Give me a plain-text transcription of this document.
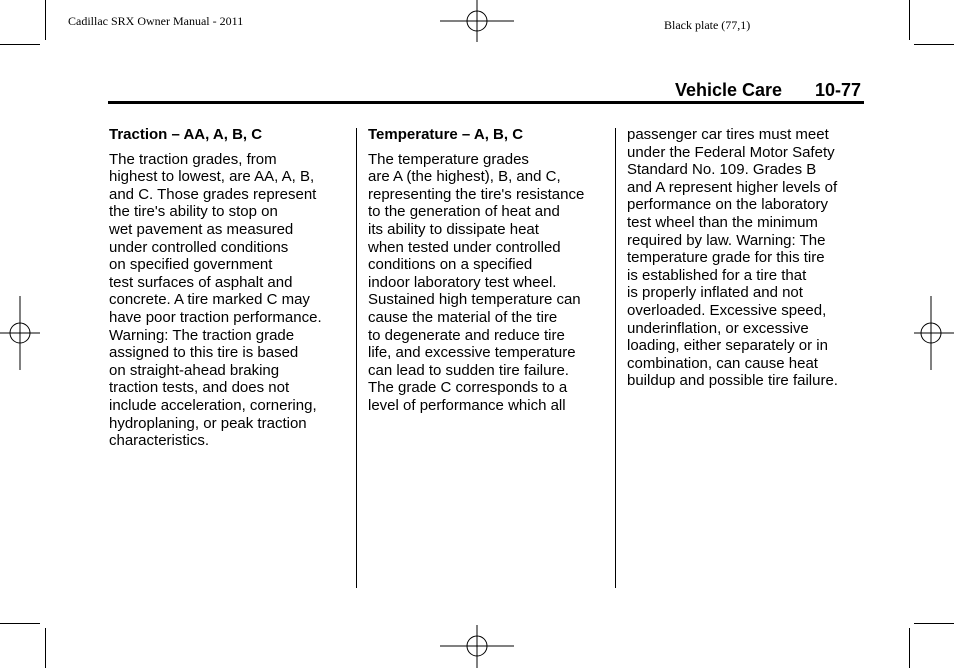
Cadillac SRX Owner Manual - 2011	Black plate (77,1)
Vehicle Care 10-77
Traction – AA, A, B, C
The traction grades, from
highest to lowest, are AA, A, B,
and C. Those grades represent
the tire's ability to stop on
wet pavement as measured
under controlled conditions
on specified government
test surfaces of asphalt and
concrete. A tire marked C may
have poor traction performance.
Warning: The traction grade
assigned to this tire is based
on straight-ahead braking
traction tests, and does not
include acceleration, cornering,
hydroplaning, or peak traction
characteristics.
Temperature – A, B, C
The temperature grades
are A (the highest), B, and C,
representing the tire's resistance
to the generation of heat and
its ability to dissipate heat
when tested under controlled
conditions on a specified
indoor laboratory test wheel.
Sustained high temperature can
cause the material of the tire
to degenerate and reduce tire
life, and excessive temperature
can lead to sudden tire failure.
The grade C corresponds to a
level of performance which all
passenger car tires must meet
under the Federal Motor Safety
Standard No. 109. Grades B
and A represent higher levels of
performance on the laboratory
test wheel than the minimum
required by law. Warning: The
temperature grade for this tire
is established for a tire that
is properly inflated and not
overloaded. Excessive speed,
underinflation, or excessive
loading, either separately or in
combination, can cause heat
buildup and possible tire failure.
